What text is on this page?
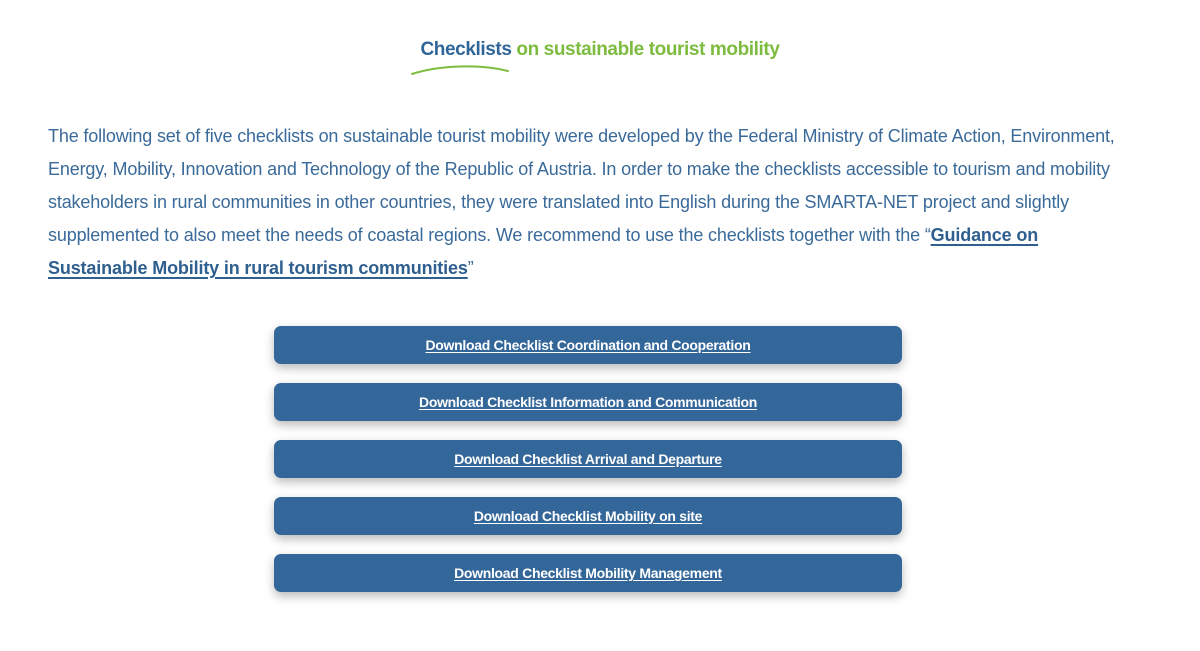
Checklists on sustainable tourist mobility

The following set of five checklists on sustainable tourist mobility were developed by the Federal Ministry of Climate Action, Environment, Energy, Mobility, Innovation and Technology of the Republic of Austria. In order to make the checklists accessible to tourism and mobility stakeholders in rural communities in other countries, they were translated into English during the SMARTA-NET project and slightly supplemented to also meet the needs of coastal regions. We recommend to use the checklists together with the “Guidance on Sustainable Mobility in rural tourism communities”

Download Checklist Coordination and Cooperation
Download Checklist Information and Communication
Download Checklist Arrival and Departure
Download Checklist Mobility on site
Download Checklist Mobility Management
